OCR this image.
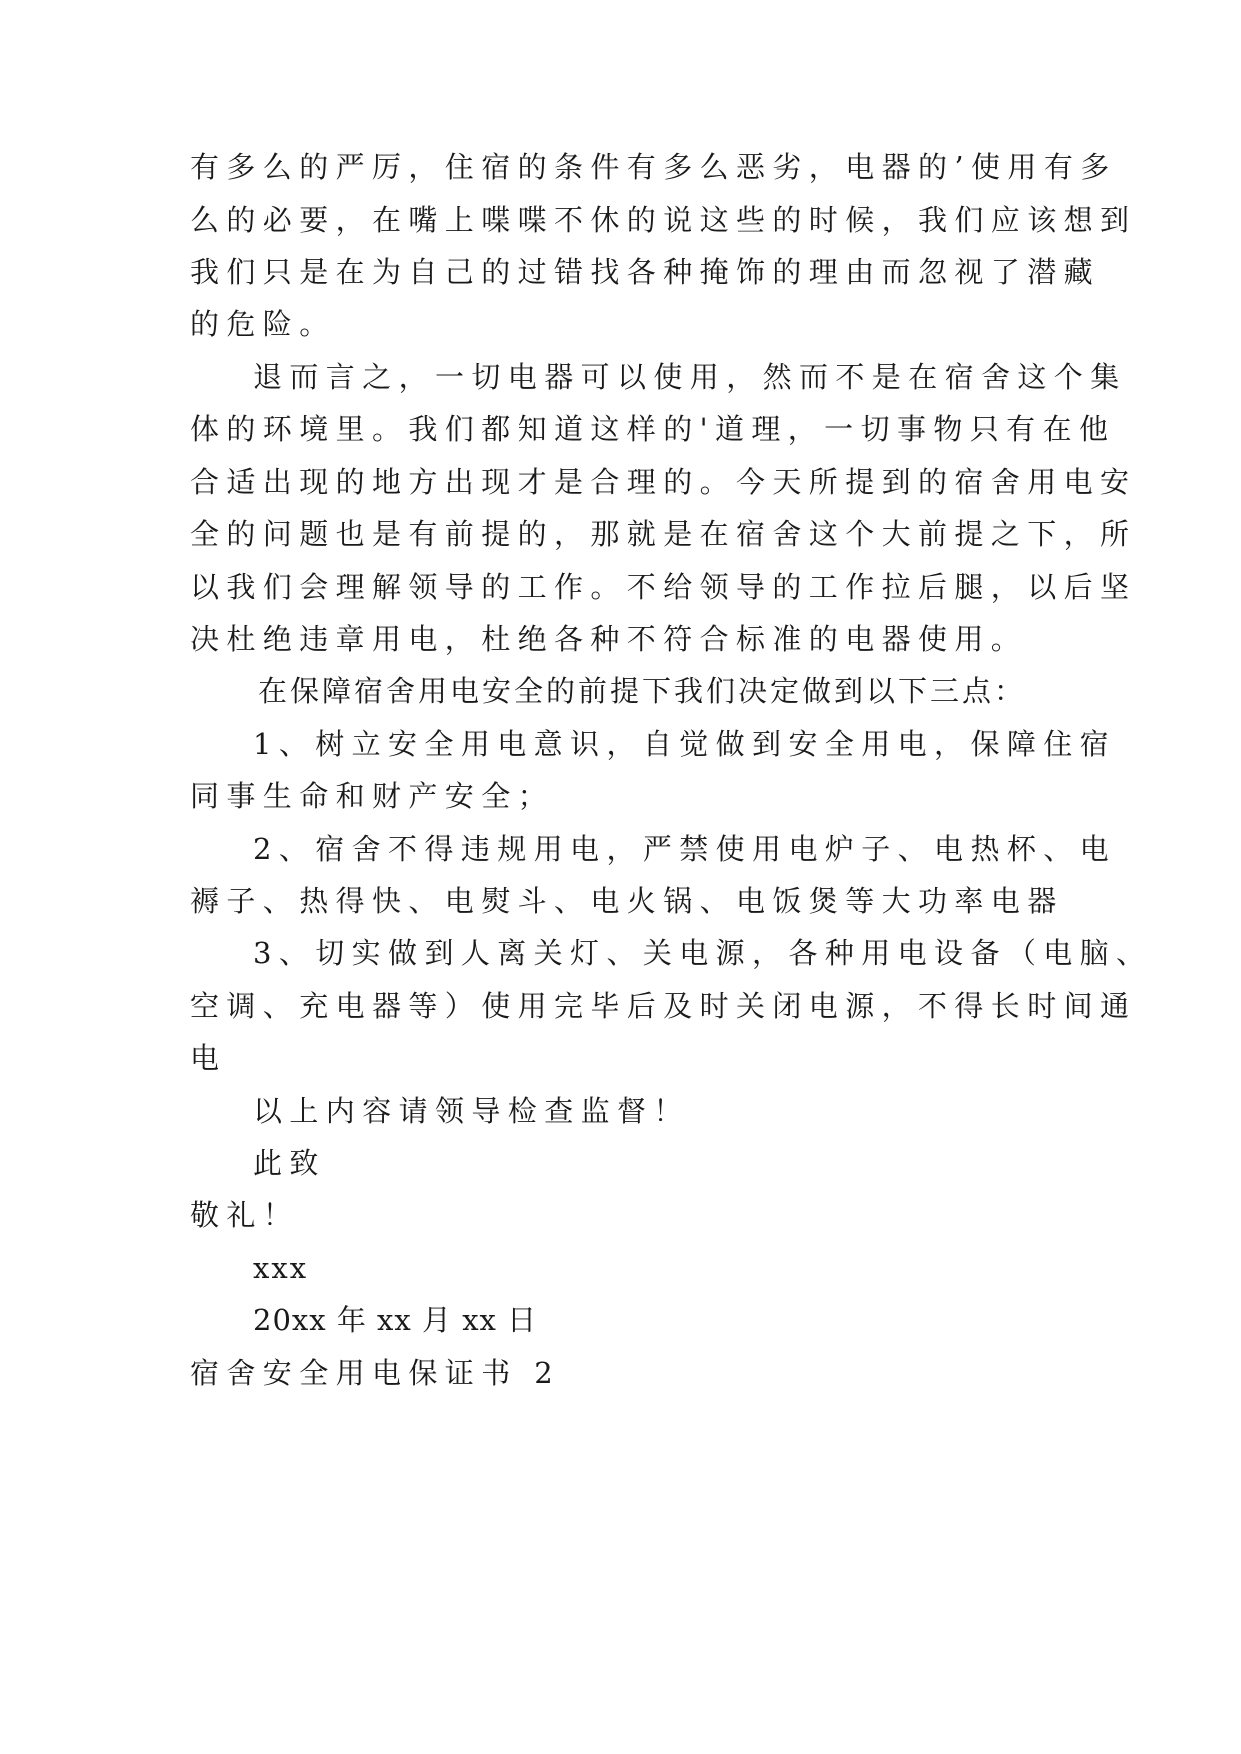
有多么的严厉，住宿的条件有多么恶劣，电器的’使用有多
么的必要，在嘴上喋喋不休的说这些的时候，我们应该想到
我们只是在为自己的过错找各种掩饰的理由而忽视了潜藏
的危险。
退而言之，一切电器可以使用，然而不是在宿舍这个集
体的环境里。我们都知道这样的'道理，一切事物只有在他
合适出现的地方出现才是合理的。今天所提到的宿舍用电安
全的问题也是有前提的，那就是在宿舍这个大前提之下，所
以我们会理解领导的工作。不给领导的工作拉后腿，以后坚
决杜绝违章用电，杜绝各种不符合标准的电器使用。
在保障宿舍用电安全的前提下我们决定做到以下三点：
1、树立安全用电意识，自觉做到安全用电，保障住宿
同事生命和财产安全；
2、宿舍不得违规用电，严禁使用电炉子、电热杯、电
褥子、热得快、电熨斗、电火锅、电饭煲等大功率电器
3、切实做到人离关灯、关电源，各种用电设备（电脑、
空调、充电器等）使用完毕后及时关闭电源，不得长时间通
电
以上内容请领导检查监督！
此致
敬礼！
xxx
20xx 年 xx 月 xx 日
宿舍安全用电保证书 2
